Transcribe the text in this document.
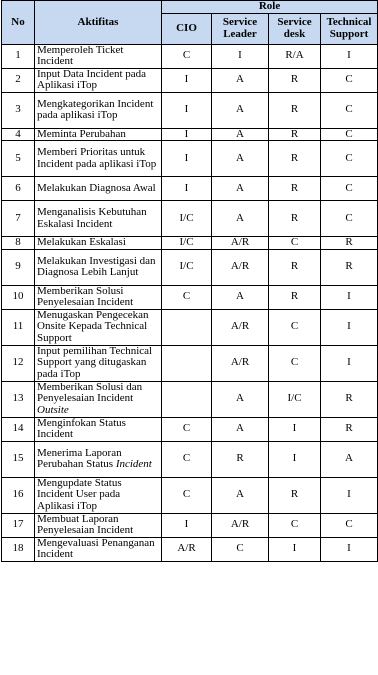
No	Aktifitas	Role			
		CIO	Service Leader	Service desk	Technical Support
1	Memperoleh Ticket Incident	C	I	R/A	I
2	Input Data Incident pada Aplikasi iTop	I	A	R	C
3	Mengkategorikan Incident pada aplikasi iTop	I	A	R	C
4	Meminta Perubahan	I	A	R	C
5	Memberi Prioritas untuk Incident pada aplikasi iTop	I	A	R	C
6	Melakukan Diagnosa Awal	I	A	R	C
7	Menganalisis Kebutuhan Eskalasi Incident	I/C	A	R	C
8	Melakukan Eskalasi	I/C	A/R	C	R
9	Melakukan Investigasi dan Diagnosa Lebih Lanjut	I/C	A/R	R	R
10	Memberikan Solusi Penyelesaian Incident	C	A	R	I
11	Menugaskan Pengecekan Onsite Kepada Technical Support		A/R	C	I
12	Input pemilihan Technical Support yang ditugaskan pada iTop		A/R	C	I
13	Memberikan Solusi dan Penyelesaian Incident Outsite		A	I/C	R
14	Menginfokan Status Incident	C	A	I	R
15	Menerima Laporan Perubahan Status Incident	C	R	I	A
16	Mengupdate Status Incident User pada Aplikasi iTop	C	A	R	I
17	Membuat Laporan Penyelesaian Incident	I	A/R	C	C
18	Mengevaluasi Penanganan Incident	A/R	C	I	I
